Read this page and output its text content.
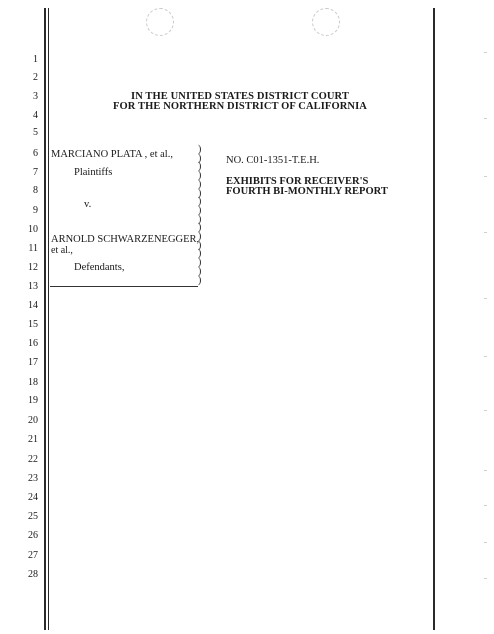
1
2
3
4
5
6
7
8
9
10
11
12
13
14
15
16
17
18
19
20
21
22
23
24
25
26
27
28
IN THE UNITED STATES DISTRICT COURT
FOR THE NORTHERN DISTRICT OF CALIFORNIA
MARCIANO PLATA , et al.,
Plaintiffs
v.
ARNOLD SCHWARZENEGGER,
et al.,
Defendants,
)
)
)
)
)
)
)
)
)
)
)
)
)
)
)
)
NO. C01-1351-T.E.H.
EXHIBITS FOR RECEIVER'S
FOURTH BI-MONTHLY REPORT
